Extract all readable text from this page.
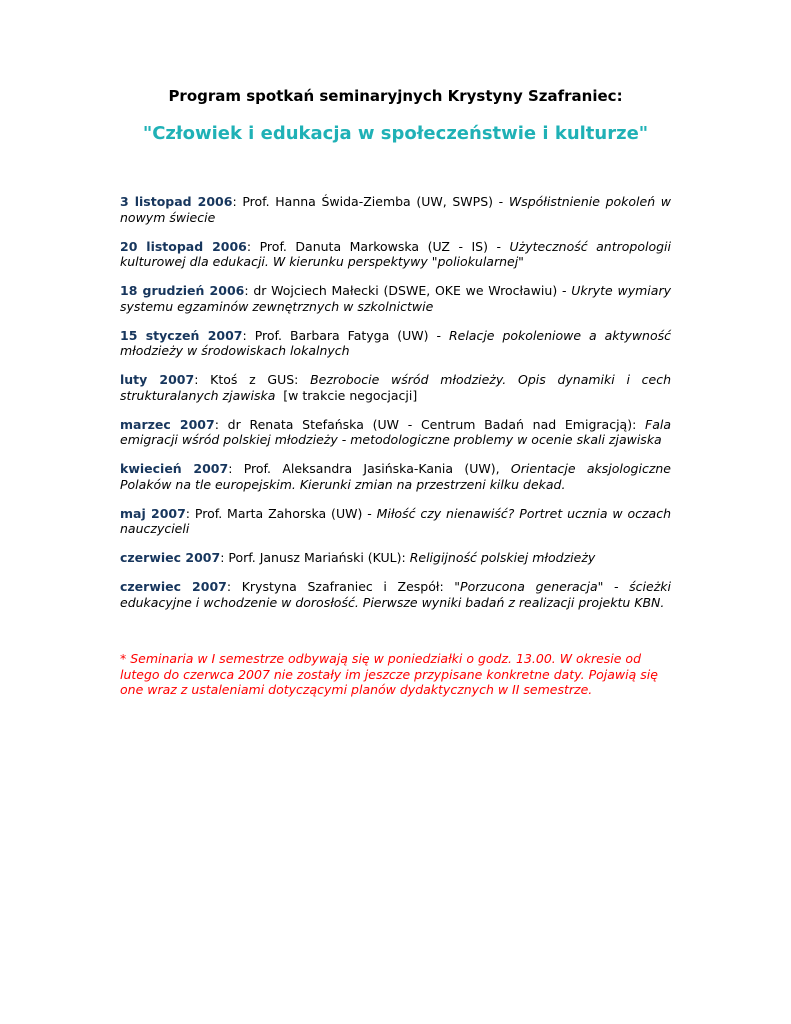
Program spotkań seminaryjnych Krystyny Szafraniec:
"Człowiek i edukacja w społeczeństwie i kulturze"

3 listopad 2006: Prof. Hanna Świda-Ziemba (UW, SWPS) - Współistnienie pokoleń w nowym świecie

20 listopad 2006: Prof. Danuta Markowska (UZ - IS) - Użyteczność antropologii kulturowej dla edukacji. W kierunku perspektywy "poliokularnej"

18 grudzień 2006: dr Wojciech Małecki (DSWE, OKE we Wrocławiu) - Ukryte wymiary systemu egzaminów zewnętrznych w szkolnictwie

15 styczeń 2007: Prof. Barbara Fatyga (UW) - Relacje pokoleniowe a aktywność młodzieży w środowiskach lokalnych

luty 2007: Ktoś z GUS: Bezrobocie wśród młodzieży. Opis dynamiki i cech strukturalanych zjawiska  [w trakcie negocjacji]

marzec 2007: dr Renata Stefańska (UW - Centrum Badań nad Emigracją): Fala emigracji wśród polskiej młodzieży - metodologiczne problemy w ocenie skali zjawiska

kwiecień 2007: Prof. Aleksandra Jasińska-Kania (UW), Orientacje aksjologiczne Polaków na tle europejskim. Kierunki zmian na przestrzeni kilku dekad.

maj 2007: Prof. Marta Zahorska (UW) - Miłość czy nienawiść? Portret ucznia w oczach nauczycieli

czerwiec 2007: Porf. Janusz Mariański (KUL): Religijność polskiej młodzieży

czerwiec 2007: Krystyna Szafraniec i Zespół: "Porzucona generacja" - ścieżki edukacyjne i wchodzenie w dorosłość. Pierwsze wyniki badań z realizacji projektu KBN.

* Seminaria w I semestrze odbywają się w poniedziałki o godz. 13.00. W okresie od lutego do czerwca 2007 nie zostały im jeszcze przypisane konkretne daty. Pojawią się one wraz z ustaleniami dotyczącymi planów dydaktycznych w II semestrze.
